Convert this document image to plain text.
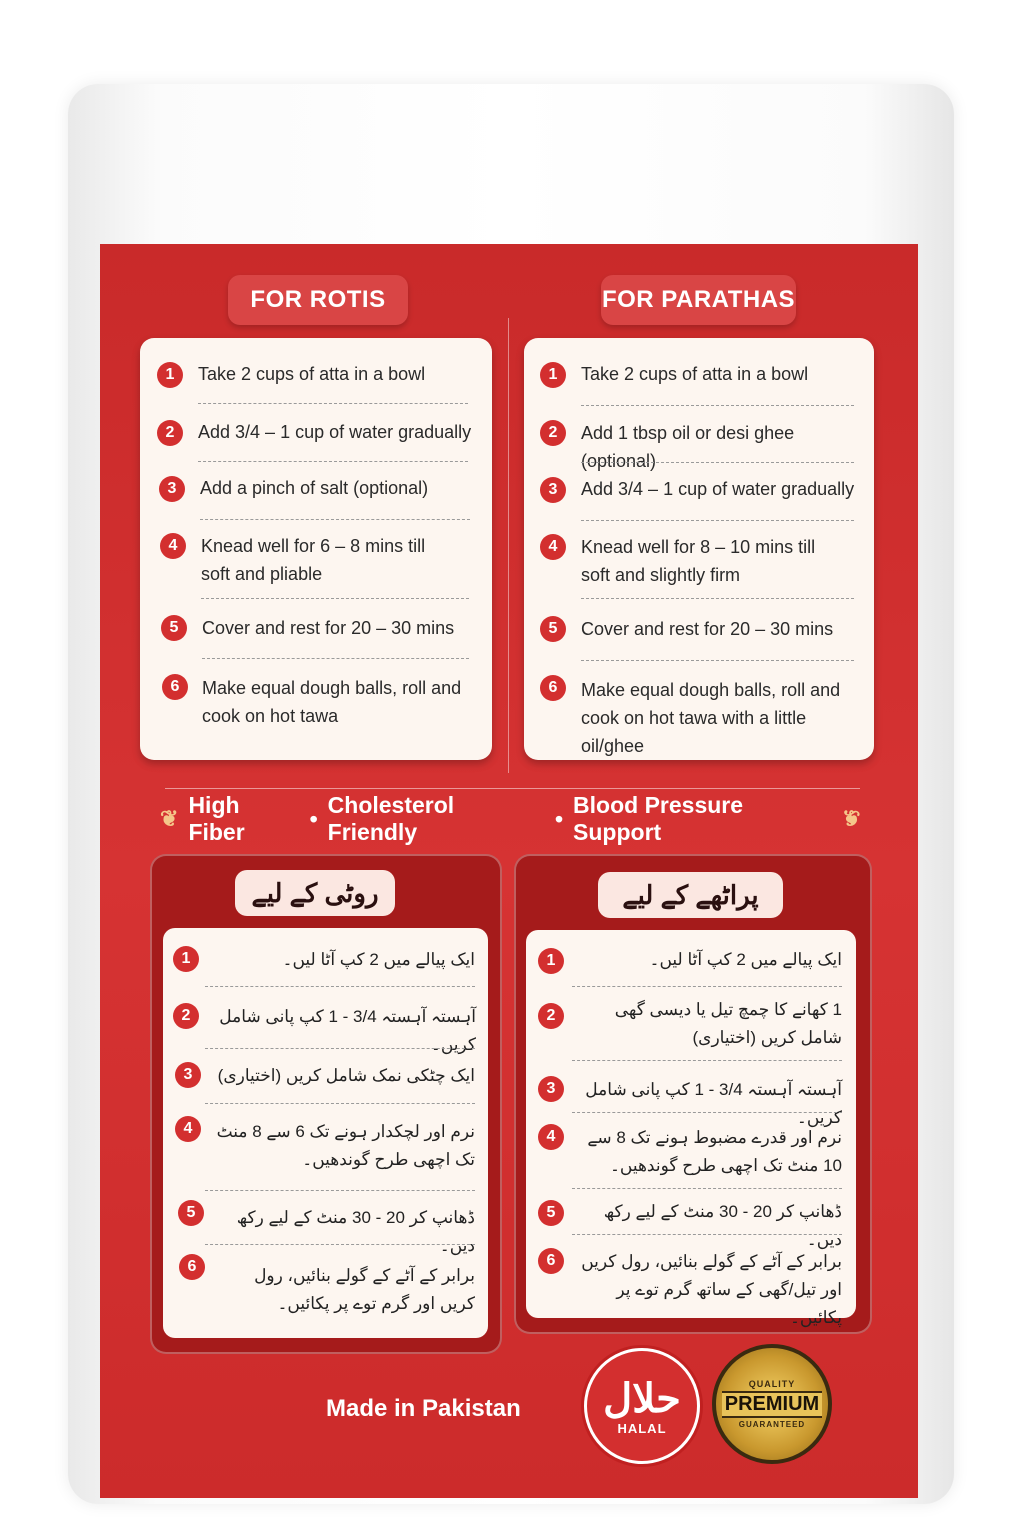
FOR ROTIS	FOR PARATHAS
1	Take 2 cups of atta in a bowl
2	Add 3/4 – 1 cup of water gradually
3	Add a pinch of salt (optional)
4	Knead well for 6 – 8 mins till soft and pliable
5	Cover and rest for 20 – 30 mins
6	Make equal dough balls, roll and cook on hot tawa
1	Take 2 cups of atta in a bowl
2	Add 1 tbsp oil or desi ghee (optional)
3	Add 3/4 – 1 cup of water gradually
4	Knead well for 8 – 10 mins till soft and slightly firm
5	Cover and rest for 20 – 30 mins
6	Make equal dough balls, roll and cook on hot tawa with a little oil/ghee
❦
High Fiber
•
Cholesterol Friendly
•
Blood Pressure Support
❦
روٹی کے لیے
1	ایک پیالے میں 2 کپ آٹا لیں۔
2	آہستہ آہستہ 3/4 - 1 کپ پانی شامل کریں۔
3	ایک چٹکی نمک شامل کریں (اختیاری)
4	نرم اور لچکدار ہونے تک 6 سے 8 منٹ تک اچھی طرح گوندھیں۔
5	ڈھانپ کر 20 - 30 منٹ کے لیے رکھ دیں۔
6	برابر کے آٹے کے گولے بنائیں، رول کریں اور گرم توے پر پکائیں۔
پراٹھے کے لیے
1	ایک پیالے میں 2 کپ آٹا لیں۔
2	1 کھانے کا چمچ تیل یا دیسی گھی شامل کریں (اختیاری)
3	آہستہ آہستہ 3/4 - 1 کپ پانی شامل کریں۔
4	نرم اور قدرے مضبوط ہونے تک 8 سے 10 منٹ تک اچھی طرح گوندھیں۔
5	ڈھانپ کر 20 - 30 منٹ کے لیے رکھ دیں۔
6	برابر کے آٹے کے گولے بنائیں، رول کریں اور تیل/گھی کے ساتھ گرم توے پر پکائیں۔
Made in Pakistan حلال
HALAL
QUALITY
PREMIUM
GUARANTEED
